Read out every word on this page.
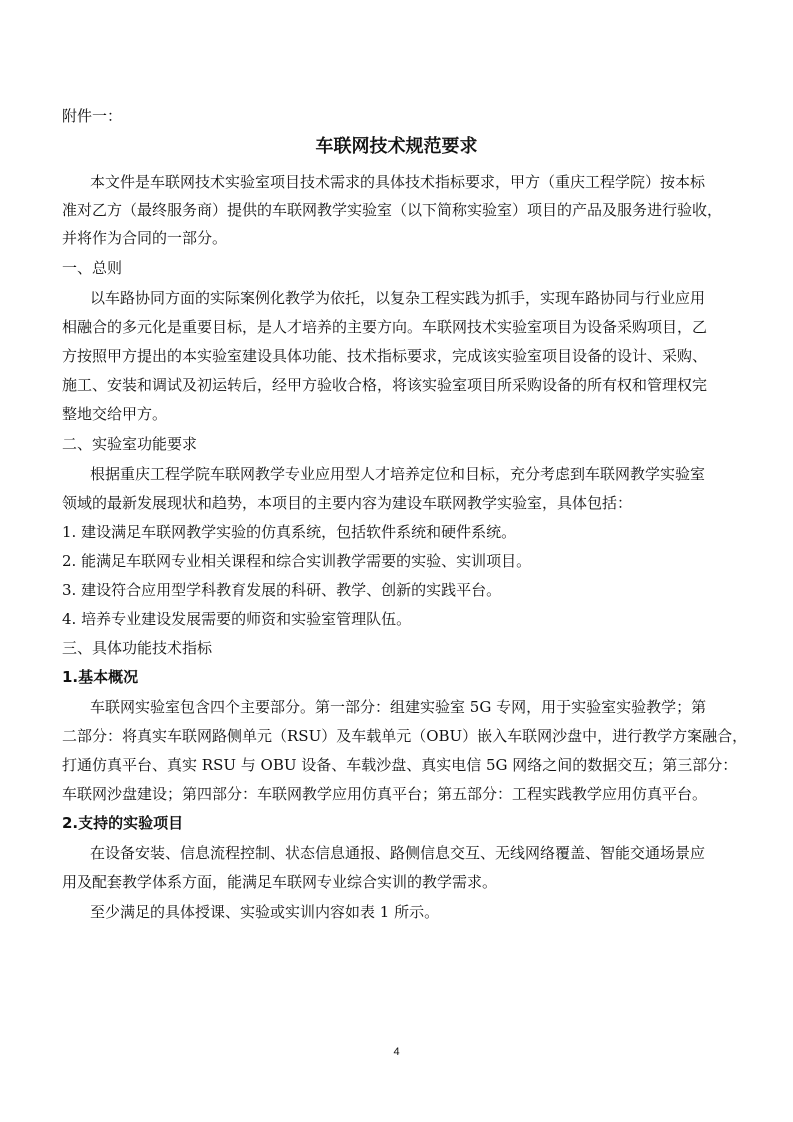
附件一：
车联网技术规范要求
本文件是车联网技术实验室项目技术需求的具体技术指标要求，甲方（重庆工程学院）按本标
准对乙方（最终服务商）提供的车联网教学实验室（以下简称实验室）项目的产品及服务进行验收，
并将作为合同的一部分。
一、总则
以车路协同方面的实际案例化教学为依托，以复杂工程实践为抓手，实现车路协同与行业应用
相融合的多元化是重要目标，是人才培养的主要方向。车联网技术实验室项目为设备采购项目，乙
方按照甲方提出的本实验室建设具体功能、技术指标要求，完成该实验室项目设备的设计、采购、
施工、安装和调试及初运转后，经甲方验收合格，将该实验室项目所采购设备的所有权和管理权完
整地交给甲方。
二、实验室功能要求
根据重庆工程学院车联网教学专业应用型人才培养定位和目标，充分考虑到车联网教学实验室
领域的最新发展现状和趋势，本项目的主要内容为建设车联网教学实验室，具体包括：
1. 建设满足车联网教学实验的仿真系统，包括软件系统和硬件系统。
2. 能满足车联网专业相关课程和综合实训教学需要的实验、实训项目。
3. 建设符合应用型学科教育发展的科研、教学、创新的实践平台。
4. 培养专业建设发展需要的师资和实验室管理队伍。
三、具体功能技术指标
1.基本概况
车联网实验室包含四个主要部分。第一部分：组建实验室 5G 专网，用于实验室实验教学；第
二部分：将真实车联网路侧单元（RSU）及车载单元（OBU）嵌入车联网沙盘中，进行教学方案融合，
打通仿真平台、真实 RSU 与 OBU 设备、车载沙盘、真实电信 5G 网络之间的数据交互；第三部分：
车联网沙盘建设；第四部分：车联网教学应用仿真平台；第五部分：工程实践教学应用仿真平台。
2.支持的实验项目
在设备安装、信息流程控制、状态信息通报、路侧信息交互、无线网络覆盖、智能交通场景应
用及配套教学体系方面，能满足车联网专业综合实训的教学需求。
至少满足的具体授课、实验或实训内容如表 1 所示。
4
